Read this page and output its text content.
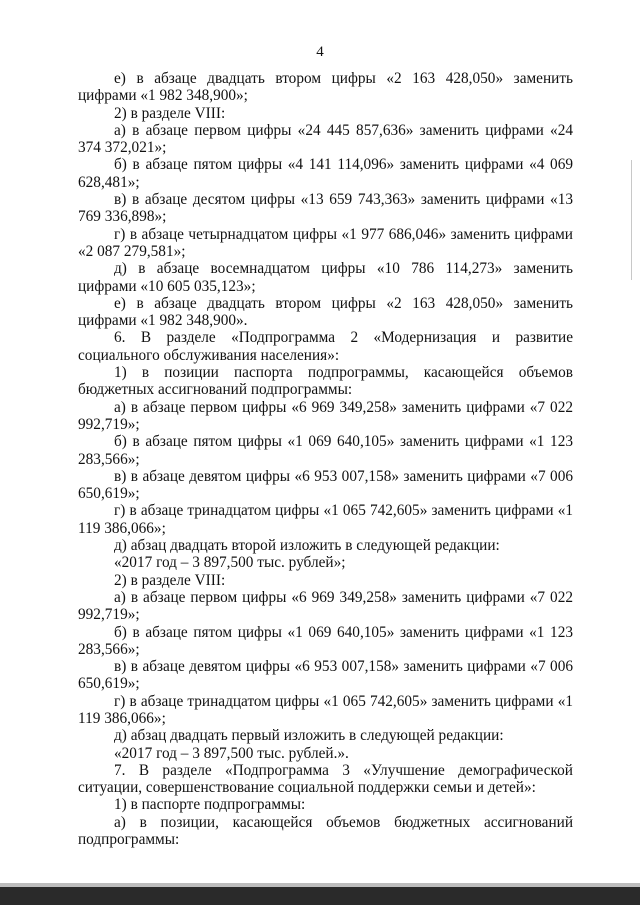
4

е) в абзаце двадцать втором цифры «2 163 428,050» заменить цифрами «1 982 348,900»;

2) в разделе VIII:

а) в абзаце первом цифры «24 445 857,636» заменить цифрами «24 374 372,021»;

б) в абзаце пятом цифры «4 141 114,096» заменить цифрами «4 069 628,481»;

в) в абзаце десятом цифры «13 659 743,363» заменить цифрами «13 769 336,898»;

г) в абзаце четырнадцатом цифры «1 977 686,046» заменить цифрами «2 087 279,581»;

д) в абзаце восемнадцатом цифры «10 786 114,273» заменить цифрами «10 605 035,123»;

е) в абзаце двадцать втором цифры «2 163 428,050» заменить цифрами «1 982 348,900».

6. В разделе «Подпрограмма 2 «Модернизация и развитие социального обслуживания населения»:

1) в позиции паспорта подпрограммы, касающейся объемов бюджетных ассигнований подпрограммы:

а) в абзаце первом цифры «6 969 349,258» заменить цифрами «7 022 992,719»;

б) в абзаце пятом цифры «1 069 640,105» заменить цифрами «1 123 283,566»;

в) в абзаце девятом цифры «6 953 007,158» заменить цифрами «7 006 650,619»;

г) в абзаце тринадцатом цифры «1 065 742,605» заменить цифрами «1 119 386,066»;

д) абзац двадцать второй изложить в следующей редакции:

«2017 год – 3 897,500 тыс. рублей»;

2) в разделе VIII:

а) в абзаце первом цифры «6 969 349,258» заменить цифрами «7 022 992,719»;

б) в абзаце пятом цифры «1 069 640,105» заменить цифрами «1 123 283,566»;

в) в абзаце девятом цифры «6 953 007,158» заменить цифрами «7 006 650,619»;

г) в абзаце тринадцатом цифры «1 065 742,605» заменить цифрами «1 119 386,066»;

д) абзац двадцать первый изложить в следующей редакции:

«2017 год – 3 897,500 тыс. рублей.».

7. В разделе «Подпрограмма 3 «Улучшение демографической ситуации, совершенствование социальной поддержки семьи и детей»:

1) в паспорте подпрограммы:

а) в позиции, касающейся объемов бюджетных ассигнований подпрограммы:
